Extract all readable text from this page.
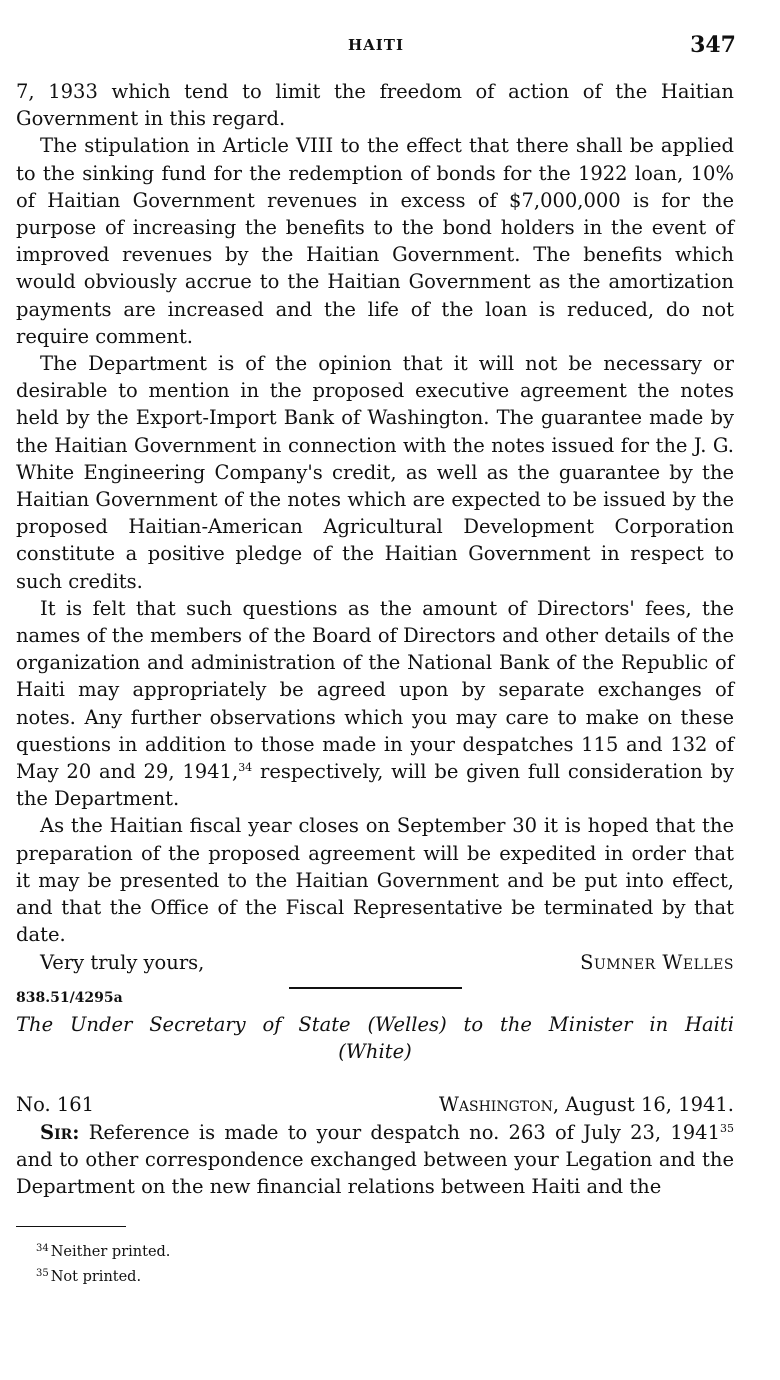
HAITI	347

7, 1933 which tend to limit the freedom of action of the Haitian Government in this regard.

The stipulation in Article VIII to the effect that there shall be applied to the sinking fund for the redemption of bonds for the 1922 loan, 10% of Haitian Government revenues in excess of $7,000,000 is for the purpose of increasing the benefits to the bond holders in the event of improved revenues by the Haitian Government. The benefits which would obviously accrue to the Haitian Government as the amortization payments are increased and the life of the loan is reduced, do not require comment.

The Department is of the opinion that it will not be necessary or desirable to mention in the proposed executive agreement the notes held by the Export-Import Bank of Washington. The guarantee made by the Haitian Government in connection with the notes issued for the J. G. White Engineering Company's credit, as well as the guarantee by the Haitian Government of the notes which are expected to be issued by the proposed Haitian-American Agricultural Development Corporation constitute a positive pledge of the Haitian Government in respect to such credits.

It is felt that such questions as the amount of Directors' fees, the names of the members of the Board of Directors and other details of the organization and administration of the National Bank of the Republic of Haiti may appropriately be agreed upon by separate exchanges of notes. Any further observations which you may care to make on these questions in addition to those made in your despatches 115 and 132 of May 20 and 29, 1941,34 respectively, will be given full consideration by the Department.

As the Haitian fiscal year closes on September 30 it is hoped that the preparation of the proposed agreement will be expedited in order that it may be presented to the Haitian Government and be put into effect, and that the Office of the Fiscal Representative be terminated by that date.

Very truly yours,	Sumner Welles
838.51/4295a
The Under Secretary of State (Welles) to the Minister in Haiti
(White)
No. 161	Washington, August 16, 1941.

Sir: Reference is made to your despatch no. 263 of July 23, 1941$^{35}$ and to other correspondence exchanged between your Legation and the Department on the new financial relations between Haiti and the

$^{34}$ Neither printed.
$^{35}$ Not printed.
